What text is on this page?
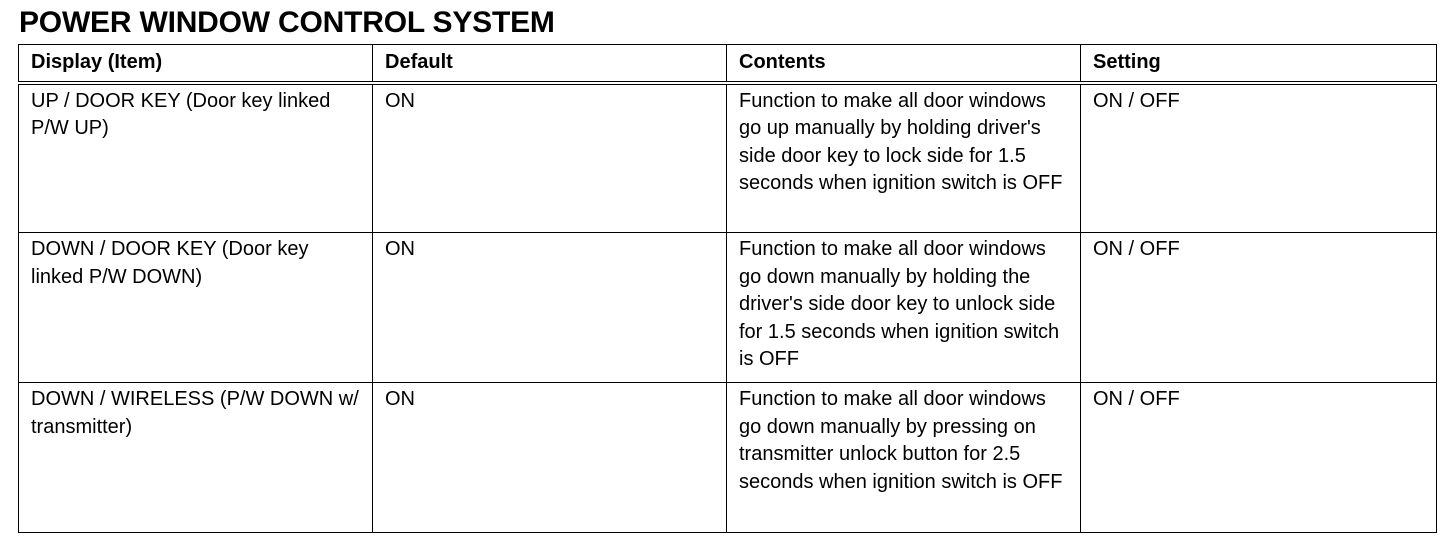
POWER WINDOW CONTROL SYSTEM
Display (Item)	Default	Contents	Setting
UP / DOOR KEY (Door key linked P/W UP)	ON	Function to make all door windows go up manually by holding driver's side door key to lock side for 1.5 seconds when ignition switch is OFF	ON / OFF
DOWN / DOOR KEY (Door key linked P/W DOWN)	ON	Function to make all door windows go down manually by holding the driver's side door key to unlock side for 1.5 seconds when ignition switch is OFF	ON / OFF
DOWN / WIRELESS (P/W DOWN w/ transmitter)	ON	Function to make all door windows go down manually by pressing on transmitter unlock button for 2.5 seconds when ignition switch is OFF	ON / OFF
